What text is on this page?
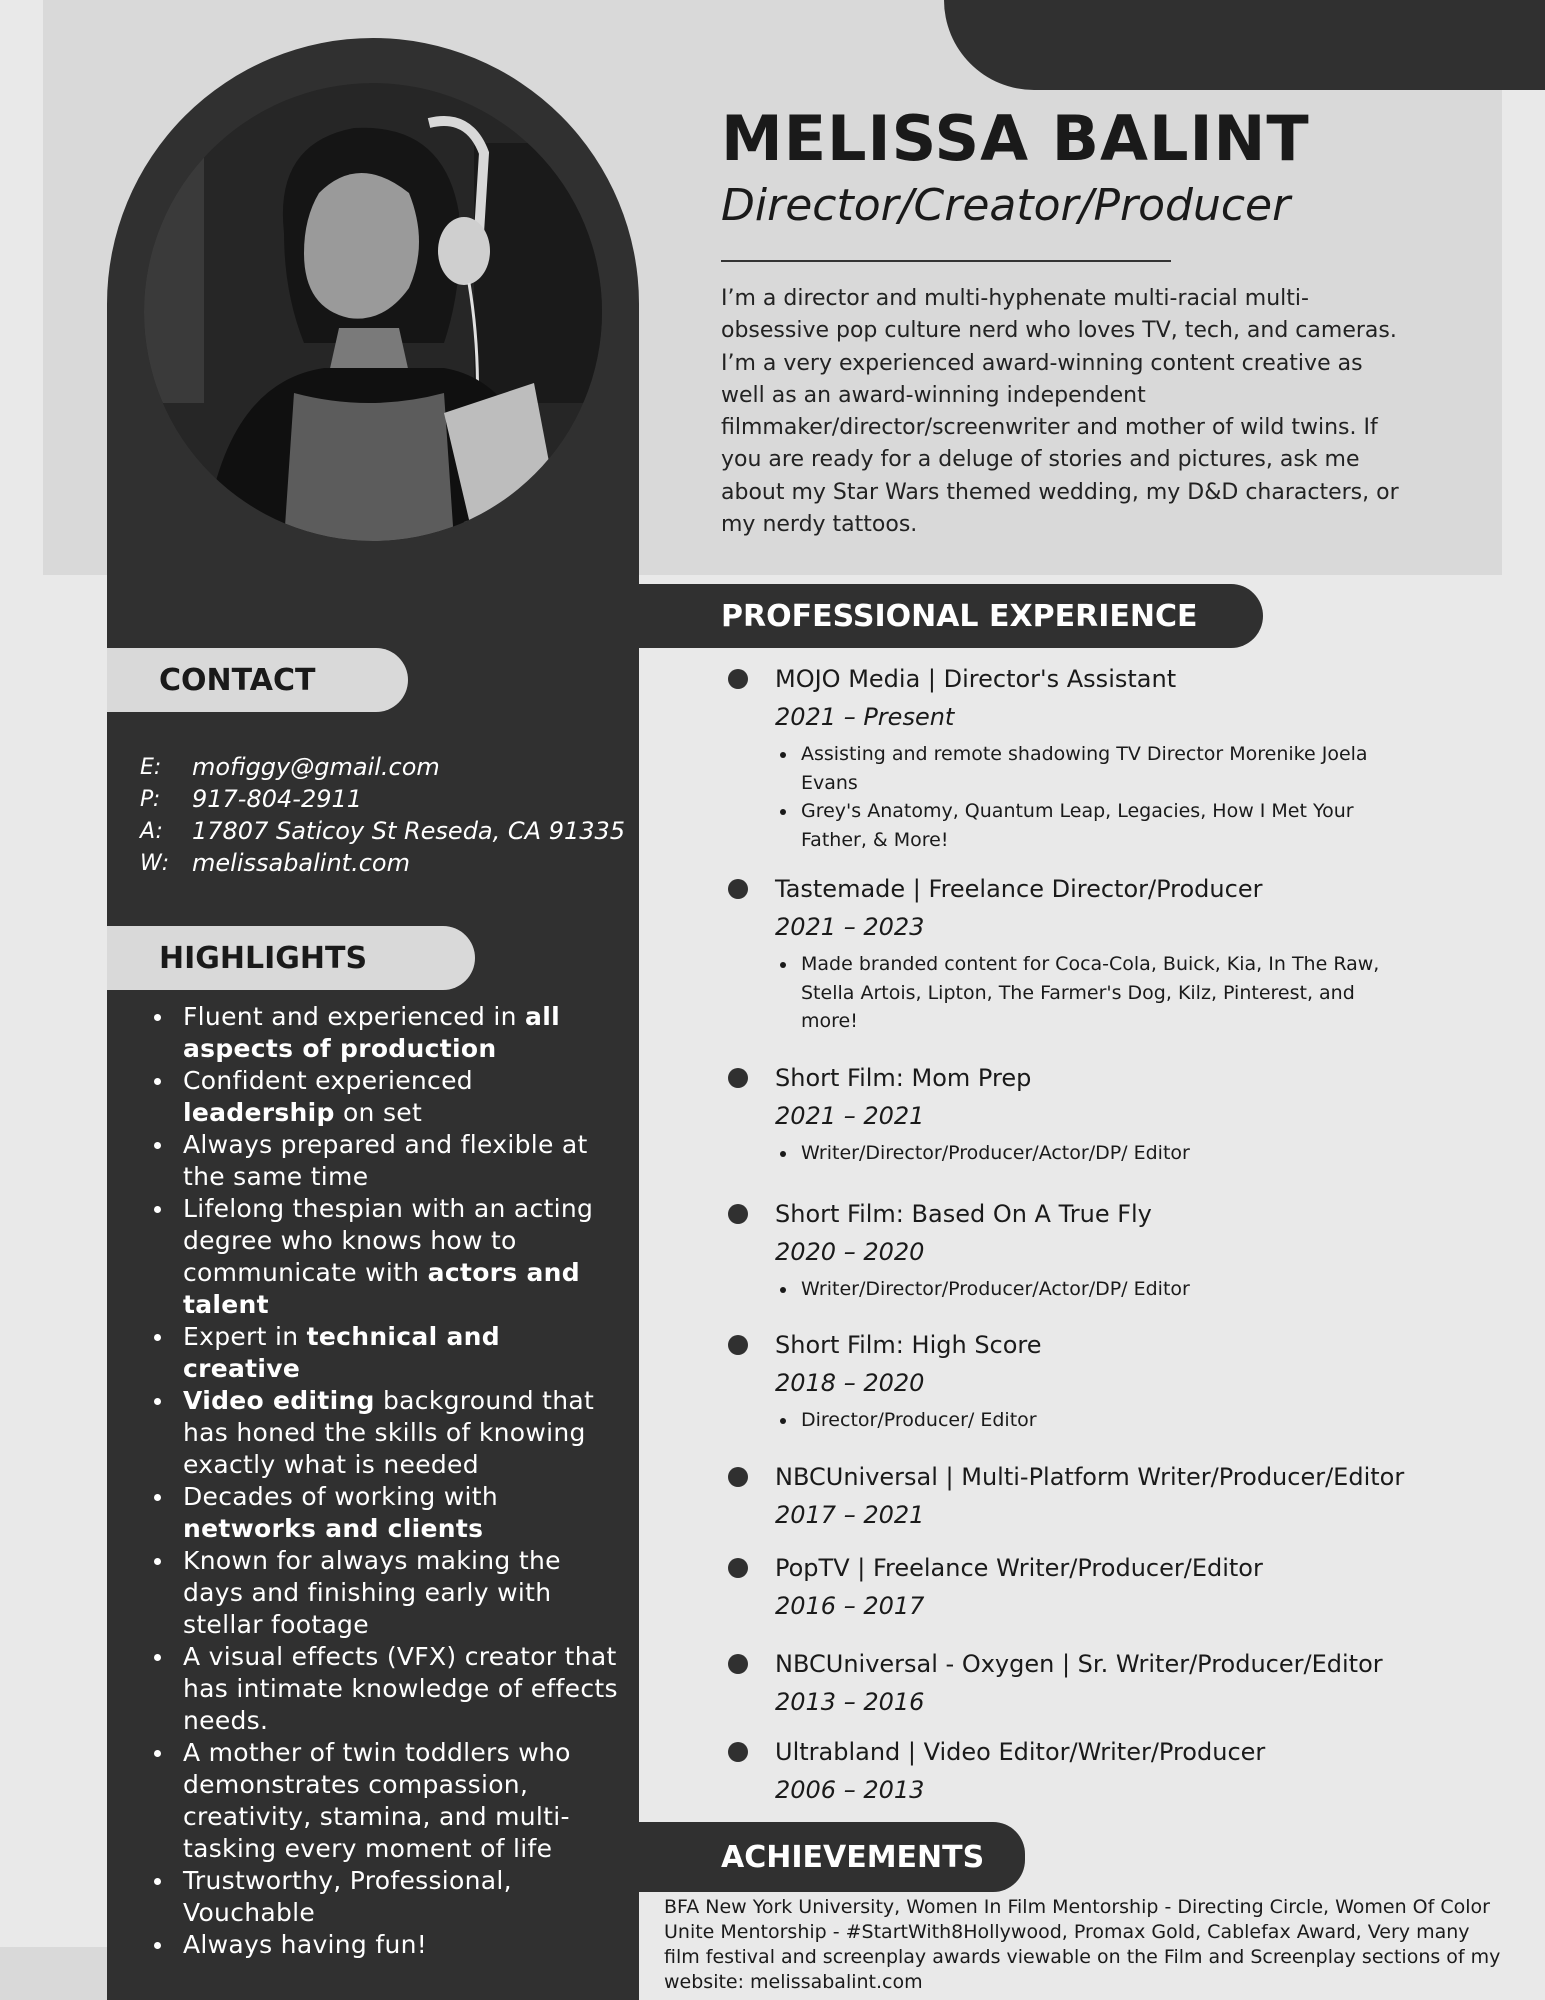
MELISSA BALINT
Director/Creator/Producer

I’m a director and multi-hyphenate multi-racial multi-obsessive pop culture nerd who loves TV, tech, and cameras. I’m a very experienced award-winning content creative as well as an award-winning independent filmmaker/director/screenwriter and mother of wild twins. If you are ready for a deluge of stories and pictures, ask me about my Star Wars themed wedding, my D&D characters, or my nerdy tattoos.

PROFESSIONAL EXPERIENCE
ACHIEVEMENTS
CONTACT
HIGHLIGHTS
E:	mofiggy@gmail.com
P:	917-804-2911
A:	17807 Saticoy St Reseda, CA 91335
W: melissabalint.com
Fluent and experienced in all aspects of production
Confident experienced leadership on set
Always prepared and flexible at the same time
Lifelong thespian with an acting degree who knows how to communicate with actors and talent
Expert in technical and creative
Video editing background that has honed the skills of knowing exactly what is needed
Decades of working with networks and clients
Known for always making the days and finishing early with stellar footage
A visual effects (VFX) creator that has intimate knowledge of effects needs.
A mother of twin toddlers who demonstrates compassion, creativity, stamina, and multi-tasking every moment of life
Trustworthy, Professional, Vouchable
Always having fun!
MOJO Media | Director's Assistant
2021 – Present
Assisting and remote shadowing TV Director Morenike Joela Evans
Grey's Anatomy, Quantum Leap, Legacies, How I Met Your Father, & More!
Tastemade | Freelance Director/Producer
2021 – 2023
Made branded content for Coca-Cola, Buick, Kia, In The Raw, Stella Artois, Lipton, The Farmer's Dog, Kilz, Pinterest, and more!
Short Film: Mom Prep
2021 – 2021
Writer/Director/Producer/Actor/DP/ Editor
Short Film: Based On A True Fly
2020 – 2020
Writer/Director/Producer/Actor/DP/ Editor
Short Film: High Score
2018 – 2020
Director/Producer/ Editor
NBCUniversal | Multi-Platform Writer/Producer/Editor
2017 – 2021
PopTV | Freelance Writer/Producer/Editor
2016 – 2017
NBCUniversal - Oxygen | Sr. Writer/Producer/Editor
2013 – 2016
Ultrabland | Video Editor/Writer/Producer
2006 – 2013

BFA New York University, Women In Film Mentorship - Directing Circle, Women Of Color Unite Mentorship - #StartWith8Hollywood, Promax Gold, Cablefax Award, Very many film festival and screenplay awards viewable on the Film and Screenplay sections of my website: melissabalint.com
